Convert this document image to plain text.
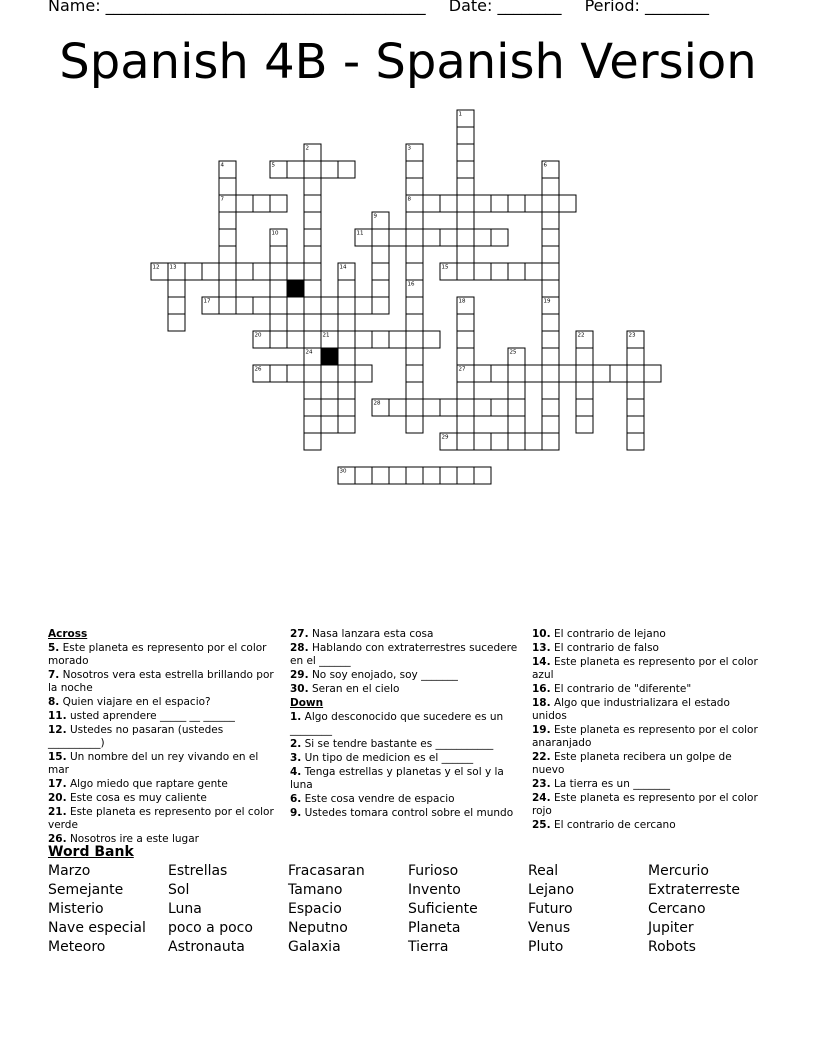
Name: ________________________________________ Date: ________ Period: ________
Spanish 4B - Spanish Version
1
2	3
4	5	6
7	8
9
10	11
12 13	14	15
16
17	18	19
20	21	22	23
24	25
26	27
28
29
30
Across
5. Este planeta es represento por el color morado
7. Nosotros vera esta estrella brillando por la noche
8. Quien viajare en el espacio?
11. usted aprendere _____ __ ______
12. Ustedes no pasaran (ustedes __________)
15. Un nombre del un rey vivando en el mar
17. Algo miedo que raptare gente
20. Este cosa es muy caliente
21. Este planeta es represento por el color verde
26. Nosotros ire a este lugar
27. Nasa lanzara esta cosa
28. Hablando con extraterrestres sucedere en el ______
29. No soy enojado, soy _______
30. Seran en el cielo
Down
1. Algo desconocido que sucedere es un ________
2. Si se tendre bastante es ___________
3. Un tipo de medicion es el ______
4. Tenga estrellas y planetas y el sol y la luna
6. Este cosa vendre de espacio
9. Ustedes tomara control sobre el mundo
10. El contrario de lejano
13. El contrario de falso
14. Este planeta es represento por el color azul
16. El contrario de "diferente"
18. Algo que industrializara el estado unidos
19. Este planeta es represento por el color anaranjado
22. Este planeta recibera un golpe de nuevo
23. La tierra es un _______
24. Este planeta es represento por el color rojo
25. El contrario de cercano
Word Bank
Marzo	Estrellas	Fracasaran	Furioso	Real	Mercurio
Semejante	Sol	Tamano	Invento	Lejano	Extraterreste
Misterio	Luna	Espacio	Suficiente	Futuro	Cercano
Nave especial	poco a poco	Neputno	Planeta	Venus	Jupiter
Meteoro	Astronauta	Galaxia	Tierra	Pluto	Robots
